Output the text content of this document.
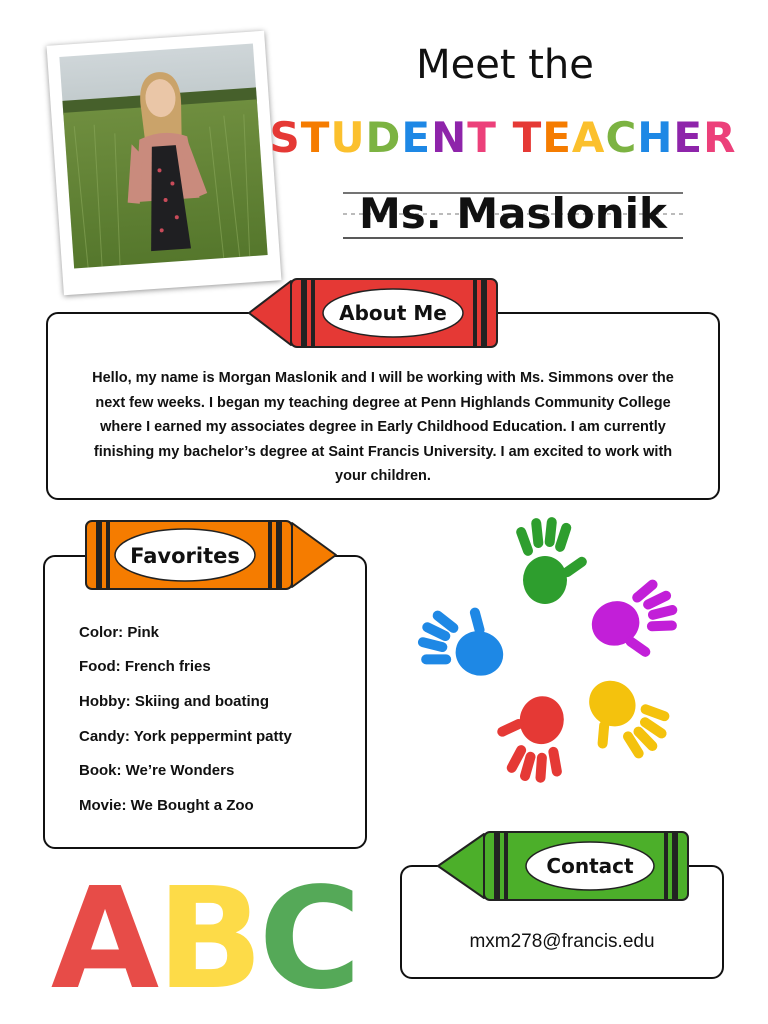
Meet the
STUDENT TEACHER
Ms. Maslonik
Hello, my name is Morgan Maslonik and I will be working with Ms. Simmons over the
next few weeks. I began my teaching degree at Penn Highlands Community College
where I earned my associates degree in Early Childhood Education. I am currently
finishing my bachelor’s degree at Saint Francis University. I am excited to work with
your children.
About Me
Color: Pink
Food: French fries
Hobby: Skiing and boating
Candy: York peppermint patty
Book: We’re Wonders
Movie: We Bought a Zoo
Favorites
mxm278@francis.edu
Contact
A
B
C
